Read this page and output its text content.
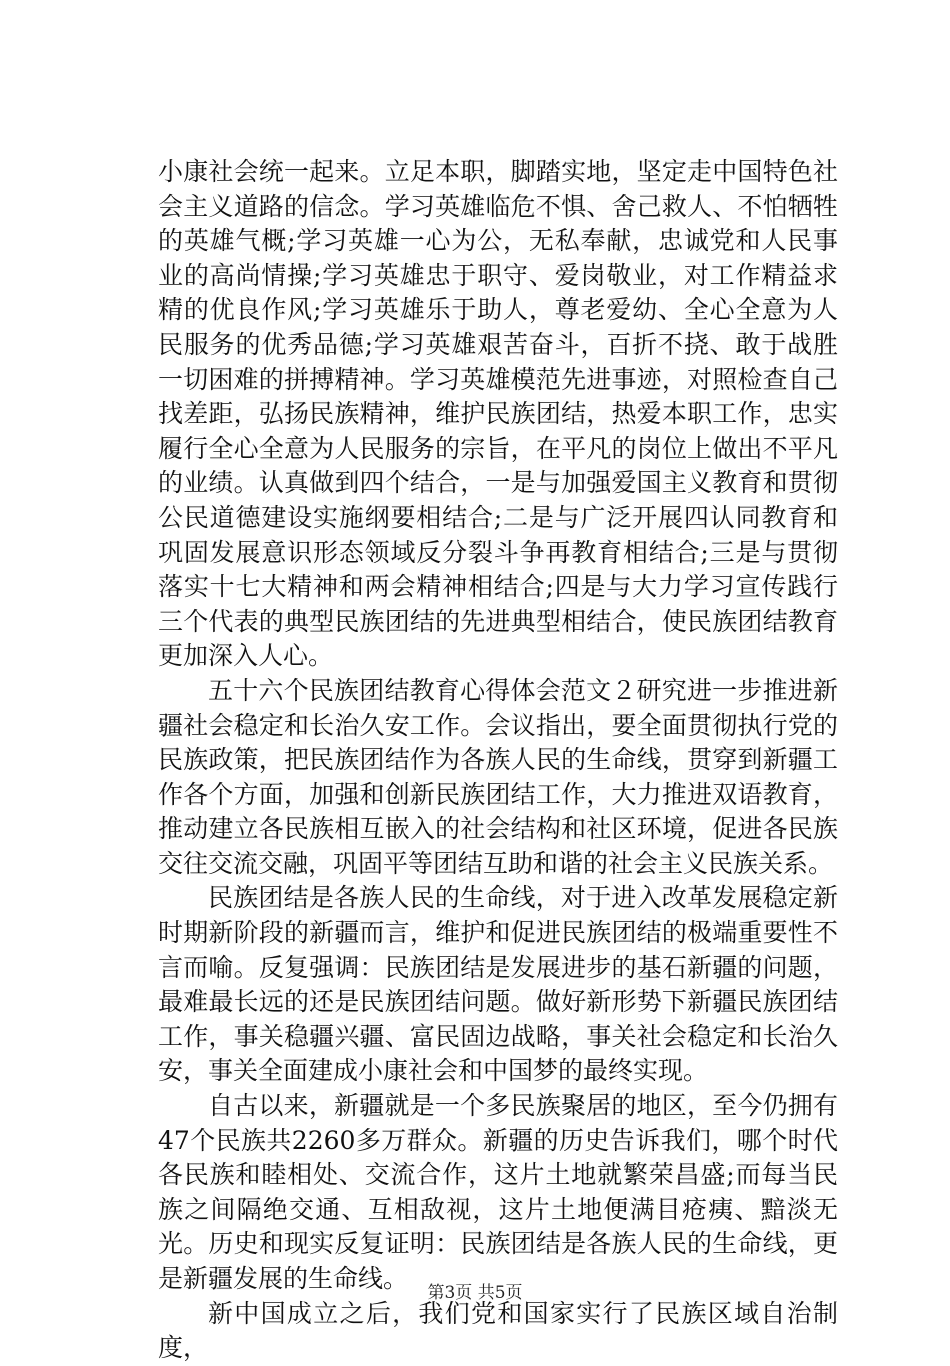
小康社会统一起来。立足本职，脚踏实地，坚定走中国特色社会主义道路的信念。学习英雄临危不惧、舍己救人、不怕牺牲的英雄气概;学习英雄一心为公，无私奉献，忠诚党和人民事业的高尚情操;学习英雄忠于职守、爱岗敬业，对工作精益求精的优良作风;学习英雄乐于助人，尊老爱幼、全心全意为人民服务的优秀品德;学习英雄艰苦奋斗，百折不挠、敢于战胜一切困难的拼搏精神。学习英雄模范先进事迹，对照检查自己找差距，弘扬民族精神，维护民族团结，热爱本职工作，忠实履行全心全意为人民服务的宗旨，在平凡的岗位上做出不平凡的业绩。认真做到四个结合，一是与加强爱国主义教育和贯彻公民道德建设实施纲要相结合;二是与广泛开展四认同教育和巩固发展意识形态领域反分裂斗争再教育相结合;三是与贯彻落实十七大精神和两会精神相结合;四是与大力学习宣传践行三个代表的典型民族团结的先进典型相结合，使民族团结教育更加深入人心。

五十六个民族团结教育心得体会范文２研究进一步推进新疆社会稳定和长治久安工作。会议指出，要全面贯彻执行党的民族政策，把民族团结作为各族人民的生命线，贯穿到新疆工作各个方面，加强和创新民族团结工作，大力推进双语教育，推动建立各民族相互嵌入的社会结构和社区环境，促进各民族交往交流交融，巩固平等团结互助和谐的社会主义民族关系。

民族团结是各族人民的生命线，对于进入改革发展稳定新时期新阶段的新疆而言，维护和促进民族团结的极端重要性不言而喻。反复强调：民族团结是发展进步的基石新疆的问题，最难最长远的还是民族团结问题。做好新形势下新疆民族团结工作，事关稳疆兴疆、富民固边战略，事关社会稳定和长治久安，事关全面建成小康社会和中国梦的最终实现。

自古以来，新疆就是一个多民族聚居的地区，至今仍拥有47个民族共2260多万群众。新疆的历史告诉我们，哪个时代各民族和睦相处、交流合作，这片土地就繁荣昌盛;而每当民族之间隔绝交通、互相敌视，这片土地便满目疮痍、黯淡无光。历史和现实反复证明：民族团结是各族人民的生命线，更是新疆发展的生命线。

新中国成立之后，我们党和国家实行了民族区域自治制度，

第3页 共5页
